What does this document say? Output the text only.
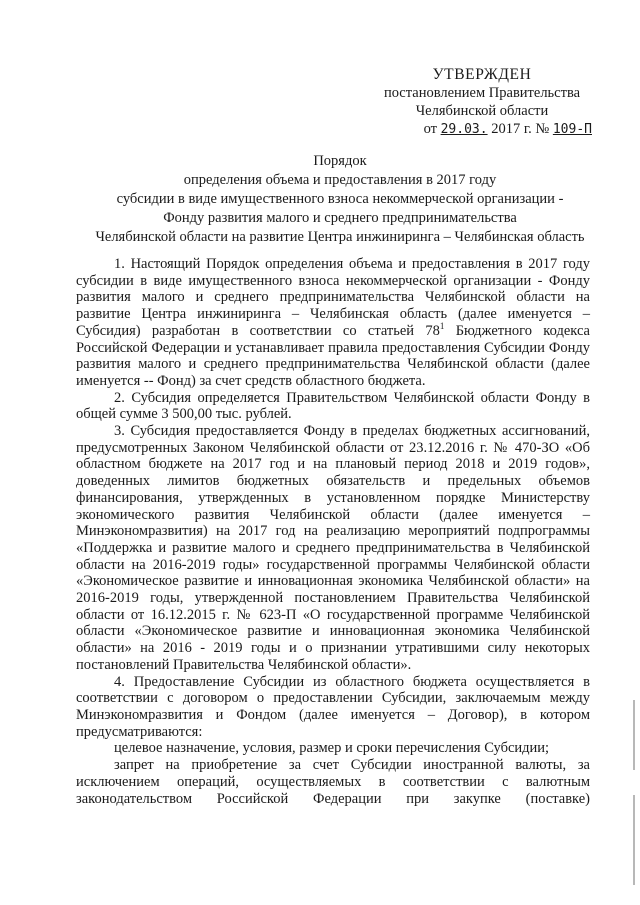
УТВЕРЖДЕН
постановлением Правительства
Челябинской области
от 29.03. 2017 г. № 109-П
Порядок
определения объема и предоставления в 2017 году
субсидии в виде имущественного взноса некоммерческой организации -
Фонду развития малого и среднего предпринимательства
Челябинской области на развитие Центра инжиниринга – Челябинская область

1. Настоящий Порядок определения объема и предоставления в 2017 году субсидии в виде имущественного взноса некоммерческой организации - Фонду развития малого и среднего предпринимательства Челябинской области на развитие Центра инжиниринга – Челябинская область (далее именуется – Субсидия) разработан в соответствии со статьей $78^1$ Бюджетного кодекса Российской Федерации и устанавливает правила предоставления Субсидии Фонду развития малого и среднего предпринимательства Челябинской области (далее именуется -- Фонд) за счет средств областного бюджета.

2. Субсидия определяется Правительством Челябинской области Фонду в общей сумме 3 500,00 тыс. рублей.

3. Субсидия предоставляется Фонду в пределах бюджетных ассигнований, предусмотренных Законом Челябинской области от 23.12.2016 г. № 470-ЗО «Об областном бюджете на 2017 год и на плановый период 2018 и 2019 годов», доведенных лимитов бюджетных обязательств и предельных объемов финансирования, утвержденных в установленном порядке Министерству экономического развития Челябинской области (далее именуется – Минэкономразвития) на 2017 год на реализацию мероприятий подпрограммы «Поддержка и развитие малого и среднего предпринимательства в Челябинской области на 2016-2019 годы» государственной программы Челябинской области «Экономическое развитие и инновационная экономика Челябинской области» на 2016-2019 годы, утвержденной постановлением Правительства Челябинской области от 16.12.2015 г. № 623-П «О государственной программе Челябинской области «Экономическое развитие и инновационная экономика Челябинской области» на 2016 - 2019 годы и о признании утратившими силу некоторых постановлений Правительства Челябинской области».

4. Предоставление Субсидии из областного бюджета осуществляется в соответствии с договором о предоставлении Субсидии, заключаемым между Минэкономразвития и Фондом (далее именуется – Договор), в котором предусматриваются:

целевое назначение, условия, размер и сроки перечисления Субсидии;

запрет на приобретение за счет Субсидии иностранной валюты, за исключением операций, осуществляемых в соответствии с валютным законодательством Российской Федерации при закупке (поставке)
